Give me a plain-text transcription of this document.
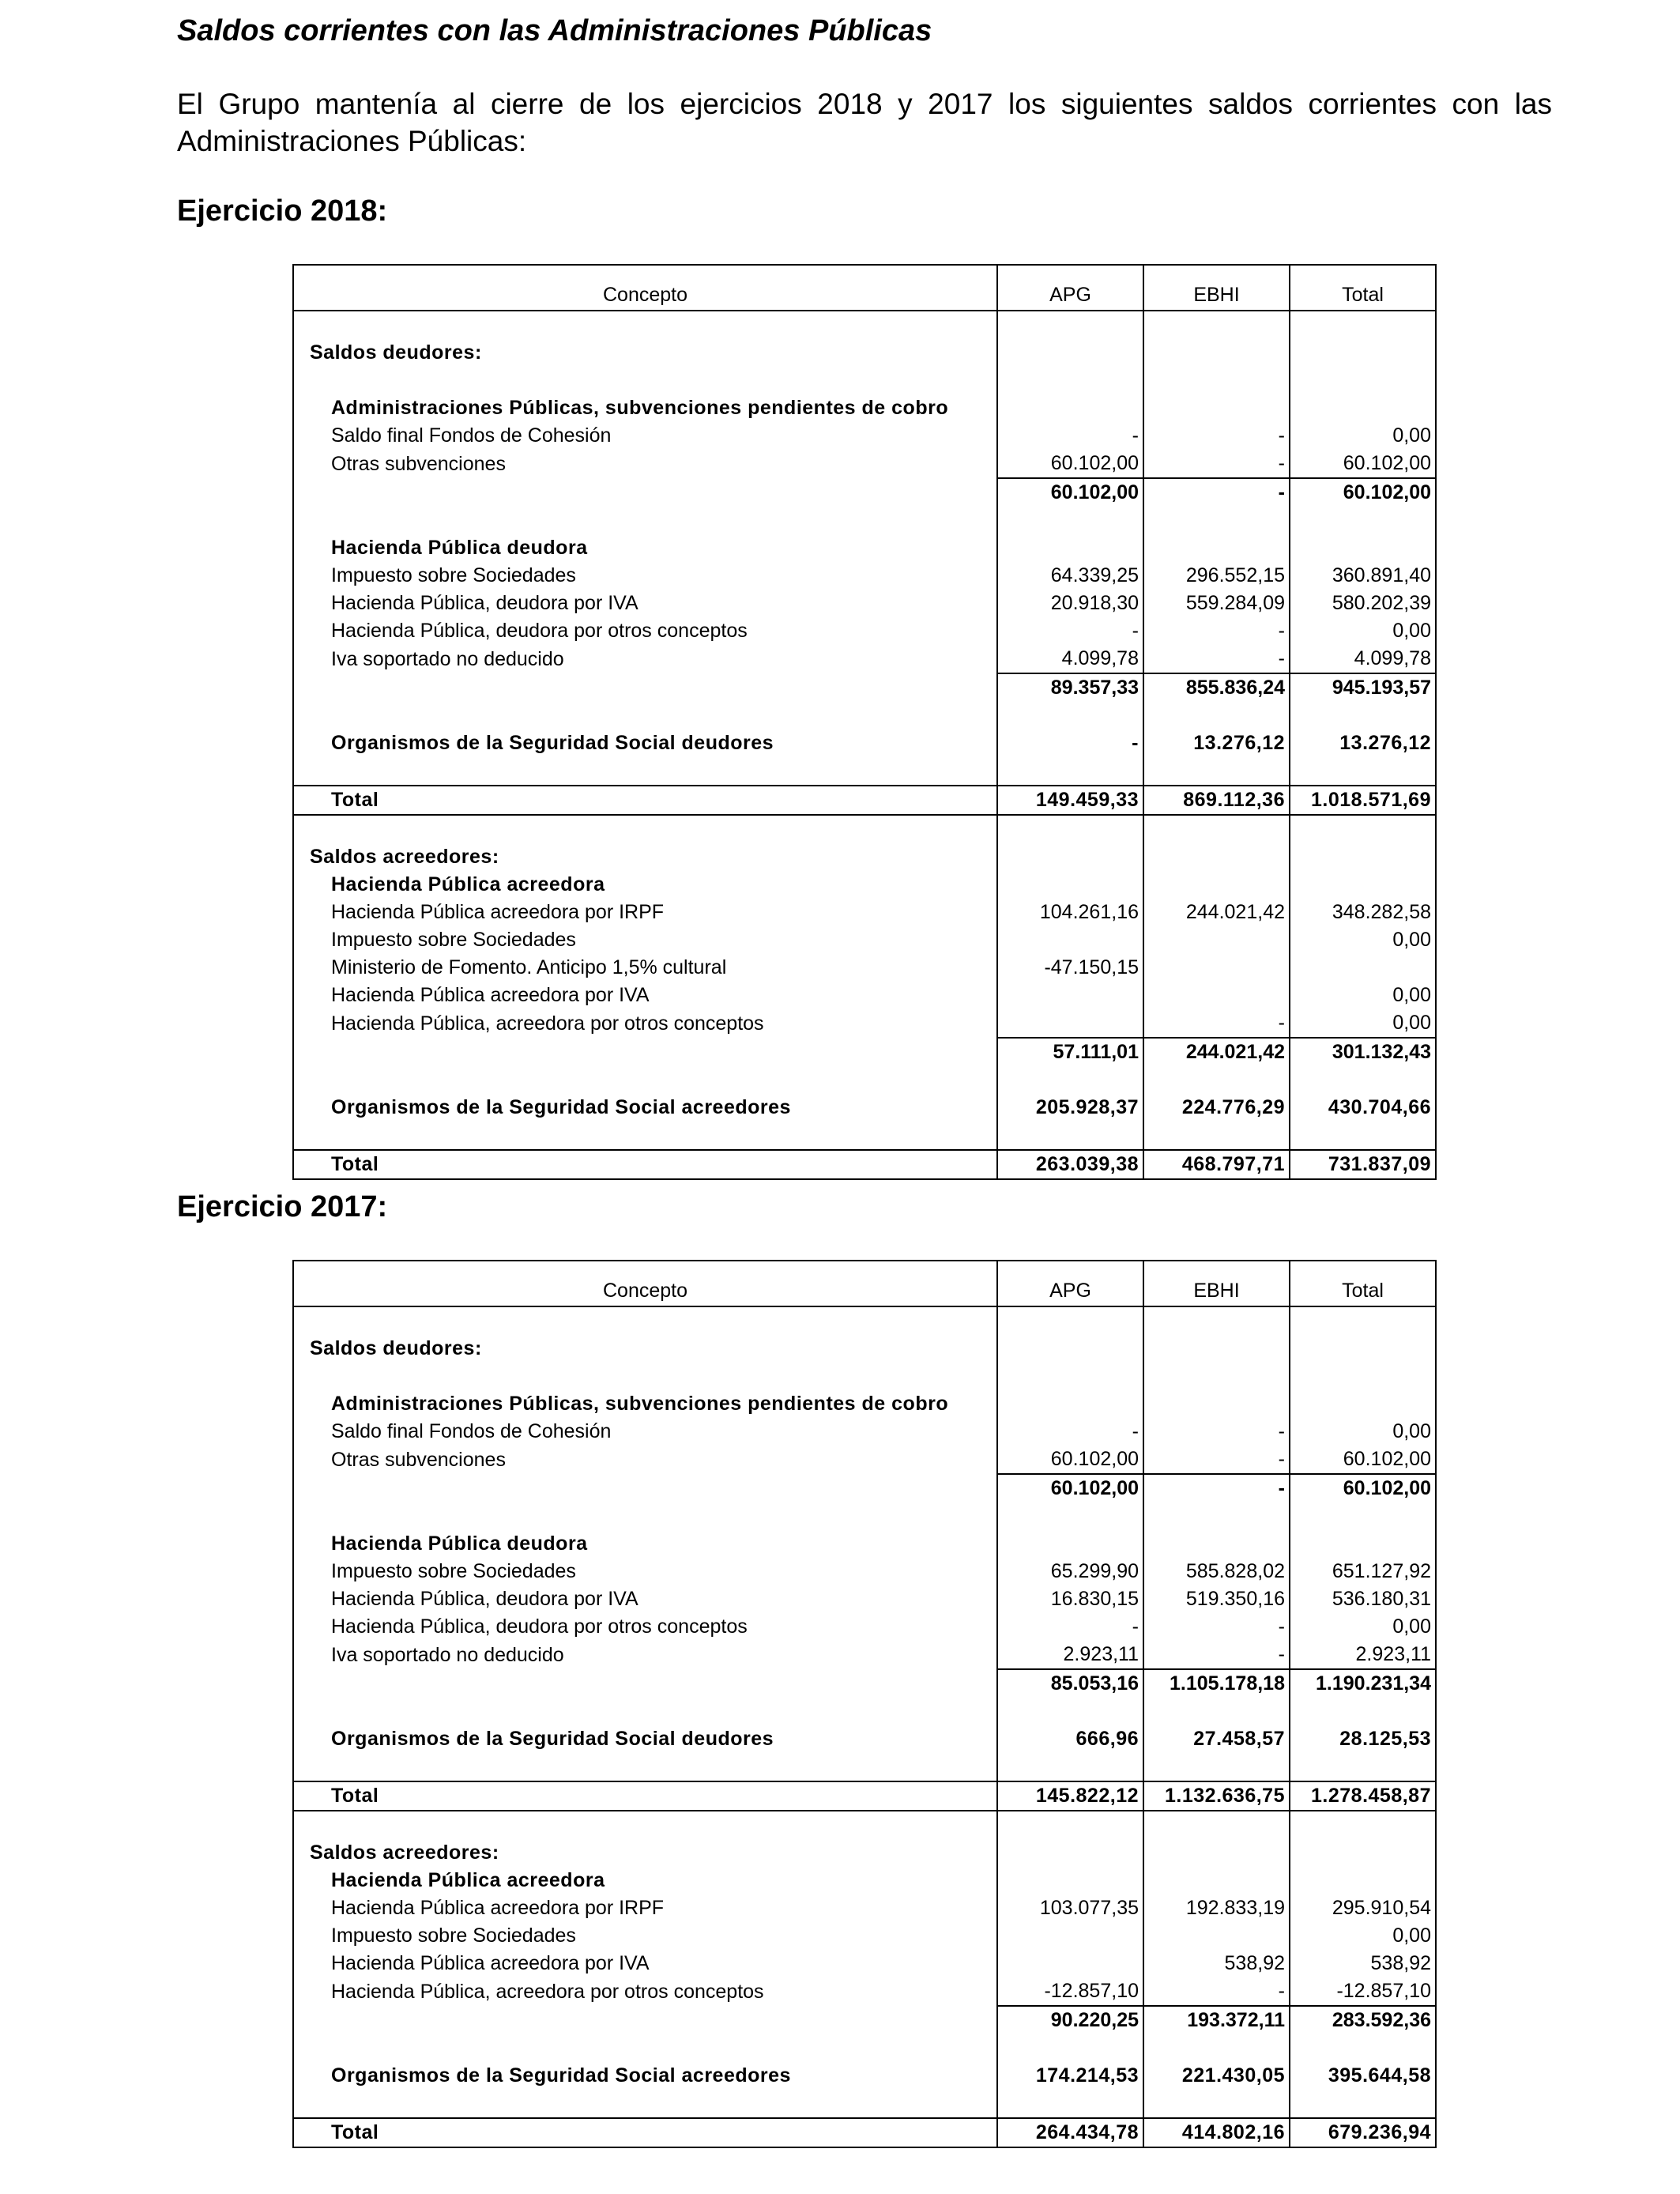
Saldos corrientes con las Administraciones Públicas
El Grupo mantenía al cierre de los ejercicios 2018 y 2017 los siguientes saldos corrientes con las Administraciones Públicas:
Ejercicio 2018:
Concepto	APG	EBHI	Total

Saldos deudores:			

Administraciones Públicas, subvenciones pendientes de cobro			
Saldo final Fondos de Cohesión	-	-	0,00
Otras subvenciones	60.102,00	-	60.102,00
	60.102,00	-	60.102,00

Hacienda Pública deudora			
Impuesto sobre Sociedades	64.339,25	296.552,15	360.891,40
Hacienda Pública, deudora por IVA	20.918,30	559.284,09	580.202,39
Hacienda Pública, deudora por otros conceptos	-	-	0,00
Iva soportado no deducido	4.099,78	-	4.099,78
	89.357,33	855.836,24	945.193,57

Organismos de la Seguridad Social deudores	-	13.276,12	13.276,12

Total	149.459,33	869.112,36	1.018.571,69

Saldos acreedores:			
Hacienda Pública acreedora			
Hacienda Pública acreedora por IRPF	104.261,16	244.021,42	348.282,58
Impuesto sobre Sociedades			0,00
Ministerio de Fomento. Anticipo 1,5% cultural	-47.150,15		
Hacienda Pública acreedora por IVA			0,00
Hacienda Pública, acreedora por otros conceptos		-	0,00
	57.111,01	244.021,42	301.132,43

Organismos de la Seguridad Social acreedores	205.928,37	224.776,29	430.704,66

Total	263.039,38	468.797,71	731.837,09
Ejercicio 2017:
Concepto	APG	EBHI	Total

Saldos deudores:			

Administraciones Públicas, subvenciones pendientes de cobro			
Saldo final Fondos de Cohesión	-	-	0,00
Otras subvenciones	60.102,00	-	60.102,00
	60.102,00	-	60.102,00

Hacienda Pública deudora			
Impuesto sobre Sociedades	65.299,90	585.828,02	651.127,92
Hacienda Pública, deudora por IVA	16.830,15	519.350,16	536.180,31
Hacienda Pública, deudora por otros conceptos	-	-	0,00
Iva soportado no deducido	2.923,11	-	2.923,11
	85.053,16	1.105.178,18	1.190.231,34

Organismos de la Seguridad Social deudores	666,96	27.458,57	28.125,53

Total	145.822,12	1.132.636,75	1.278.458,87

Saldos acreedores:			
Hacienda Pública acreedora			
Hacienda Pública acreedora por IRPF	103.077,35	192.833,19	295.910,54
Impuesto sobre Sociedades			0,00
Hacienda Pública acreedora por IVA		538,92	538,92
Hacienda Pública, acreedora por otros conceptos	-12.857,10	-	-12.857,10
	90.220,25	193.372,11	283.592,36

Organismos de la Seguridad Social acreedores	174.214,53	221.430,05	395.644,58

Total	264.434,78	414.802,16	679.236,94
